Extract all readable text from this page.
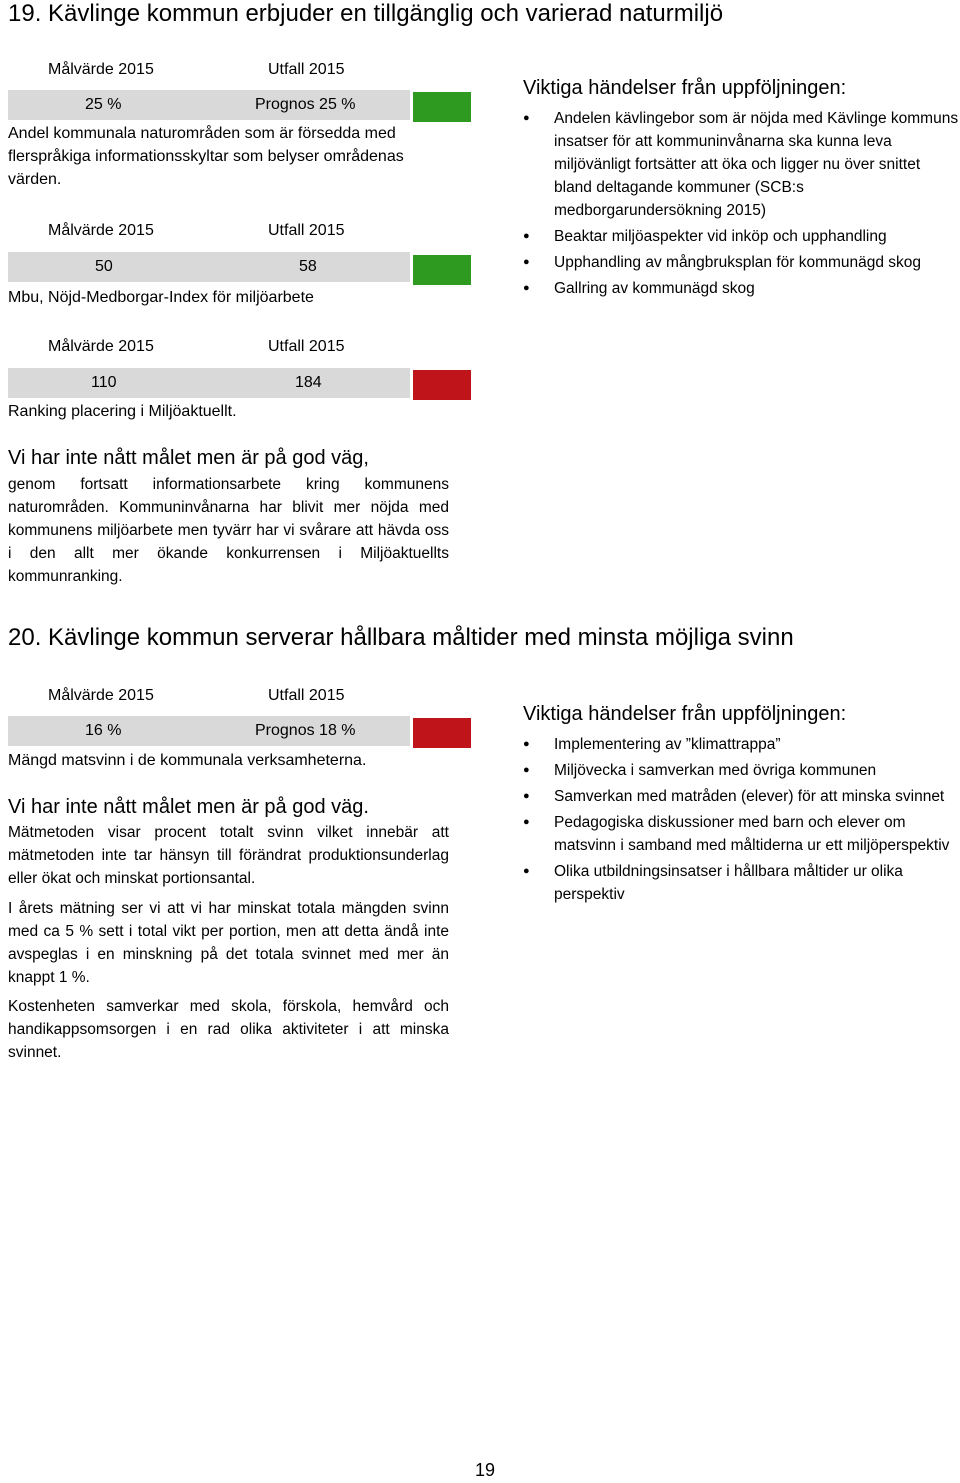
19. Kävlinge kommun erbjuder en tillgänglig och varierad naturmiljö
Målvärde 2015	Utfall 2015
25 %	Prognos 25 %
Andel kommunala naturområden som är försedda med flerspråkiga informationsskyltar som belyser områdenas värden.
Målvärde 2015	Utfall 2015
50	58
Mbu, Nöjd-Medborgar-Index för miljöarbete
Målvärde 2015	Utfall 2015
110	184
Ranking placering i Miljöaktuellt.
Vi har inte nått målet men är på god väg,
genom fortsatt informationsarbete kring kommunens naturområden. Kommuninvånarna har blivit mer nöjda med kommunens miljöarbete men tyvärr har vi svårare att hävda oss i den allt mer ökande konkurrensen i Miljöaktuellts kommunranking.
Viktiga händelser från uppföljningen:
● Andelen kävlingebor som är nöjda med Kävlinge kommuns insatser för att kommuninvånarna ska kunna leva miljövänligt fortsätter att öka och ligger nu över snittet bland deltagande kommuner (SCB:s medborgarundersökning 2015)
● Beaktar miljöaspekter vid inköp och upphandling
● Upphandling av mångbruksplan för kommunägd skog
● Gallring av kommunägd skog
20. Kävlinge kommun serverar hållbara måltider med minsta möjliga svinn
Målvärde 2015	Utfall 2015
16 %	Prognos 18 %
Mängd matsvinn i de kommunala verksamheterna.
Vi har inte nått målet men är på god väg.
Mätmetoden visar procent totalt svinn vilket innebär att mätmetoden inte tar hänsyn till förändrat produktionsunderlag eller ökat och minskat portionsantal.
I årets mätning ser vi att vi har minskat totala mängden svinn med ca 5 % sett i total vikt per portion, men att detta ändå inte avspeglas i en minskning på det totala svinnet med mer än knappt 1 %.
Kostenheten samverkar med skola, förskola, hemvård och handikappsomsorgen i en rad olika aktiviteter i att minska svinnet.
Viktiga händelser från uppföljningen:
● Implementering av ”klimattrappa”
● Miljövecka i samverkan med övriga kommunen
● Samverkan med matråden (elever) för att minska svinnet
● Pedagogiska diskussioner med barn och elever om matsvinn i samband med måltiderna ur ett miljöperspektiv
● Olika utbildningsinsatser i hållbara måltider ur olika perspektiv
19
